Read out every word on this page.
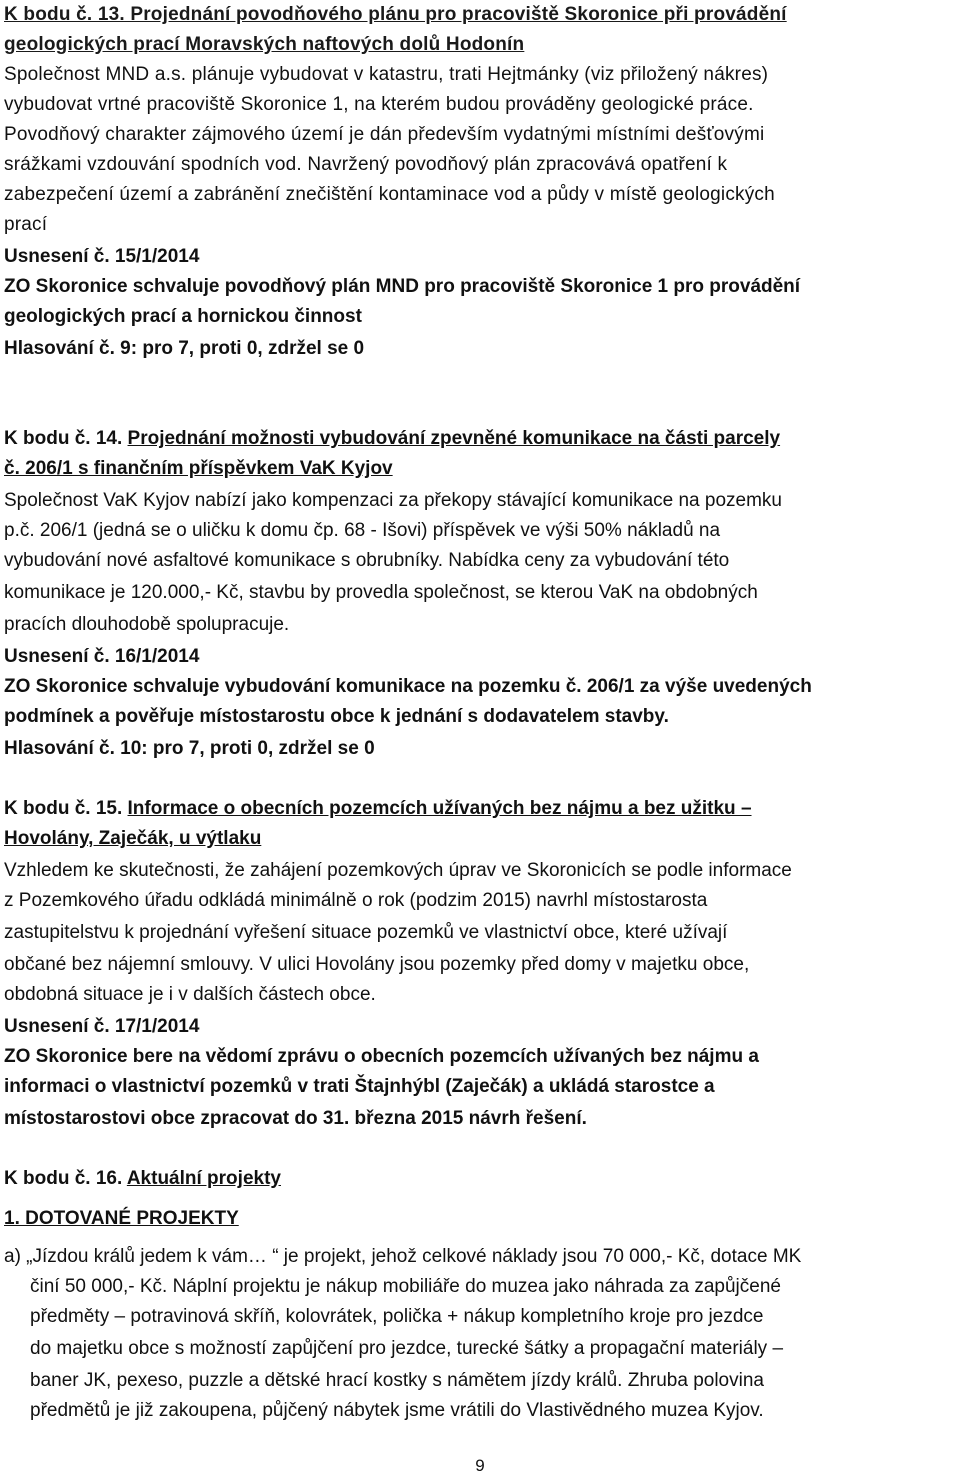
K bodu č. 13. Projednání povodňového plánu pro pracoviště Skoronice při provádění
geologických prací Moravských naftových dolů Hodonín
Společnost MND a.s. plánuje vybudovat v katastru, trati Hejtmánky (viz přiložený nákres)
vybudovat vrtné pracoviště Skoronice 1, na kterém budou prováděny geologické práce.
Povodňový charakter zájmového území je dán především vydatnými místními dešťovými
srážkami vzdouvání spodních vod. Navržený povodňový plán zpracovává opatření k
zabezpečení území a zabránění znečištění kontaminace vod a půdy v místě geologických
prací
Usnesení č. 15/1/2014
ZO Skoronice schvaluje povodňový plán MND pro pracoviště Skoronice 1 pro provádění
geologických prací a hornickou činnost
Hlasování č. 9: pro 7, proti 0, zdržel se 0
K bodu č. 14. Projednání možnosti vybudování zpevněné komunikace na části parcely
č. 206/1 s finančním příspěvkem VaK Kyjov
Společnost VaK Kyjov nabízí jako kompenzaci za překopy stávající komunikace na pozemku
p.č. 206/1 (jedná se o uličku k domu čp. 68 - Išovi) příspěvek ve výši 50% nákladů na
vybudování nové asfaltové komunikace s obrubníky. Nabídka ceny za vybudování této
komunikace je 120.000,- Kč, stavbu by provedla společnost, se kterou VaK na obdobných
pracích dlouhodobě spolupracuje.
Usnesení č. 16/1/2014
ZO Skoronice schvaluje vybudování komunikace na pozemku č. 206/1 za výše uvedených
podmínek a pověřuje místostarostu obce k jednání s dodavatelem stavby.
Hlasování č. 10: pro 7, proti 0, zdržel se 0
K bodu č. 15. Informace o obecních pozemcích užívaných bez nájmu a bez užitku –
Hovolány, Zaječák, u výtlaku
Vzhledem ke skutečnosti, že zahájení pozemkových úprav ve Skoronicích se podle informace
z Pozemkového úřadu odkládá minimálně o rok (podzim 2015) navrhl místostarosta
zastupitelstvu k projednání vyřešení situace pozemků ve vlastnictví obce, které užívají
občané bez nájemní smlouvy. V ulici Hovolány jsou pozemky před domy v majetku obce,
obdobná situace je i v dalších částech obce.
Usnesení č. 17/1/2014
ZO Skoronice bere na vědomí zprávu o obecních pozemcích užívaných bez nájmu a
informaci o vlastnictví pozemků v trati Štajnhýbl (Zaječák) a ukládá starostce a
místostarostovi obce zpracovat do 31. března 2015 návrh řešení.
K bodu č. 16. Aktuální projekty
1. DOTOVANÉ PROJEKTY
a) „Jízdou králů jedem k vám… “ je projekt, jehož celkové náklady jsou 70 000,- Kč, dotace MK
činí 50 000,- Kč. Náplní projektu je nákup mobiliáře do muzea jako náhrada za zapůjčené
předměty – potravinová skříň, kolovrátek, polička + nákup kompletního kroje pro jezdce
do majetku obce s možností zapůjčení pro jezdce, turecké šátky a propagační materiály –
baner JK, pexeso, puzzle a dětské hrací kostky s námětem jízdy králů. Zhruba polovina
předmětů je již zakoupena, půjčený nábytek jsme vrátili do Vlastivědného muzea Kyjov.
9
